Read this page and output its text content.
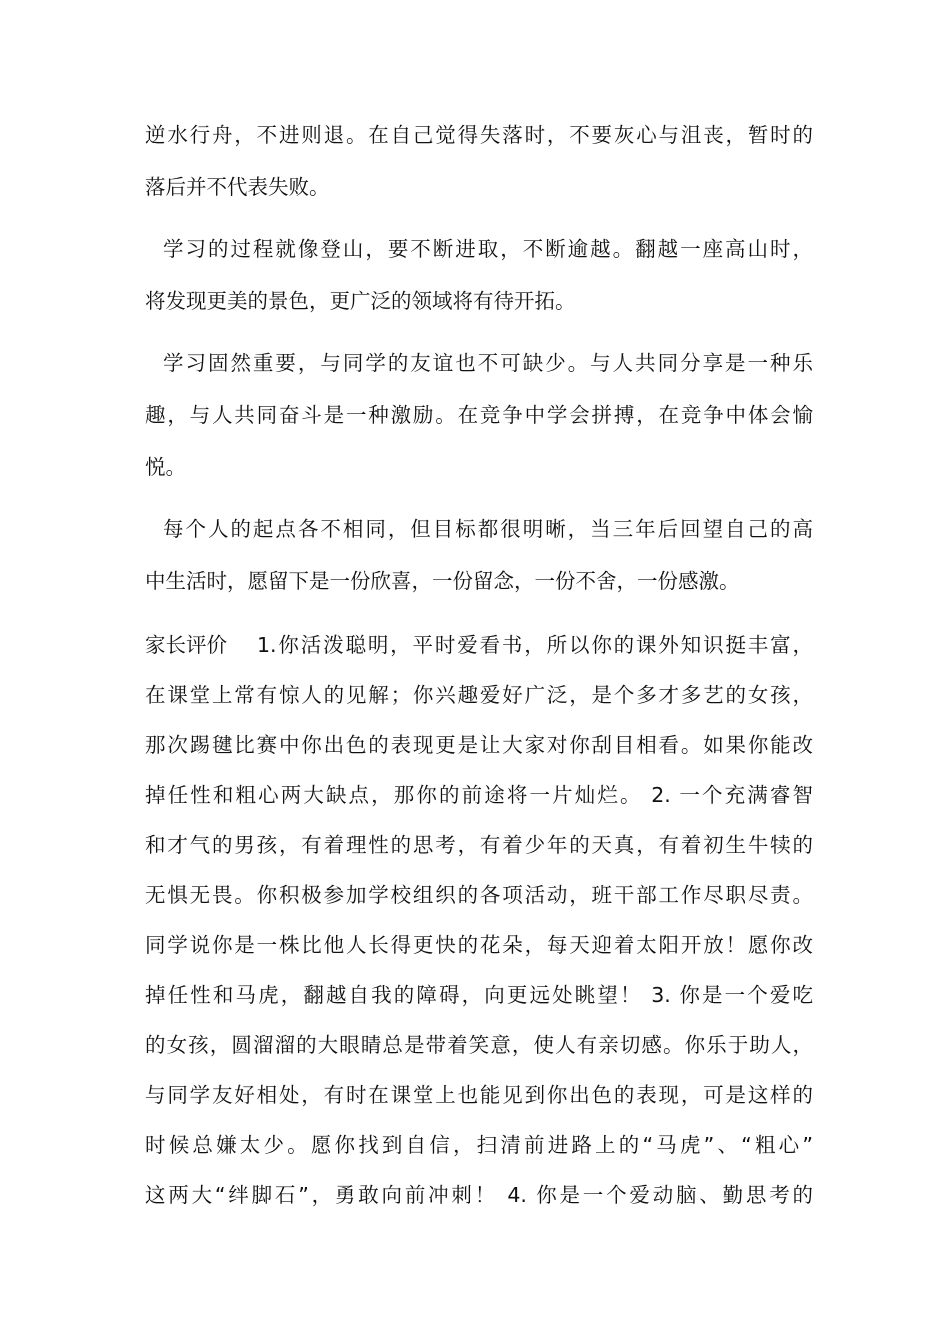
逆水行舟，不进则退。在自己觉得失落时，不要灰心与沮丧，暂时的
落后并不代表失败。
学习的过程就像登山，要不断进取，不断逾越。翻越一座高山时，
将发现更美的景色，更广泛的领域将有待开拓。
学习固然重要，与同学的友谊也不可缺少。与人共同分享是一种乐
趣，与人共同奋斗是一种激励。在竞争中学会拼搏，在竞争中体会愉
悦。
每个人的起点各不相同，但目标都很明晰，当三年后回望自己的高
中生活时，愿留下是一份欣喜，一份留念，一份不舍，一份感激。
家长评价	1.你活泼聪明，平时爱看书，所以你的课外知识挺丰富，
在课堂上常有惊人的见解；你兴趣爱好广泛，是个多才多艺的女孩，
那次踢毽比赛中你出色的表现更是让大家对你刮目相看。如果你能改
掉任性和粗心两大缺点，那你的前途将一片灿烂。 2. 一个充满睿智
和才气的男孩，有着理性的思考，有着少年的天真，有着初生牛犊的
无惧无畏。你积极参加学校组织的各项活动，班干部工作尽职尽责。
同学说你是一株比他人长得更快的花朵，每天迎着太阳开放！愿你改
掉任性和马虎，翻越自我的障碍，向更远处眺望！ 3. 你是一个爱吃
的女孩，圆溜溜的大眼睛总是带着笑意，使人有亲切感。你乐于助人，
与同学友好相处，有时在课堂上也能见到你出色的表现，可是这样的
时候总嫌太少。愿你找到自信，扫清前进路上的“马虎”、“粗心”
这两大“绊脚石”，勇敢向前冲刺！ 4. 你是一个爱动脑、勤思考的
